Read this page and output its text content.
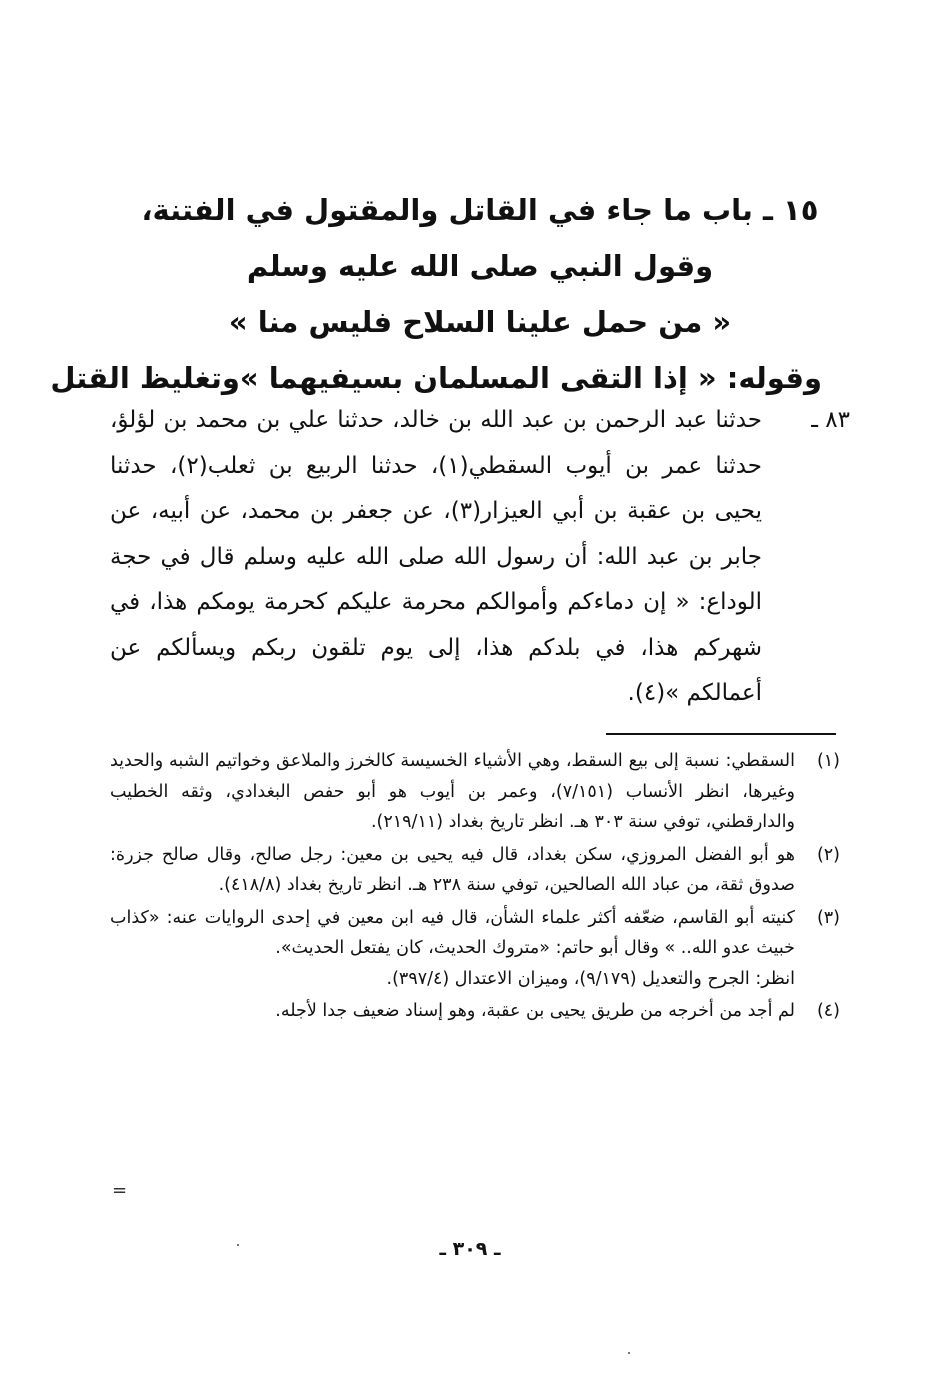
١٥ ـ باب ما جاء في القاتل والمقتول في الفتنة،
وقول النبي صلى الله عليه وسلم
« من حمل علينا السلاح فليس منا »
وقوله: « إذا التقى المسلمان بسيفيهما »وتغليظ القتل
٨٣ ـ
حدثنا عبد الرحمن بن عبد الله بن خالد، حدثنا علي بن محمد بن لؤلؤ، حدثنا عمر بن أيوب السقطي(١)، حدثنا الربيع بن ثعلب(٢)، حدثنا يحيى بن عقبة بن أبي العيزار(٣)، عن جعفر بن محمد، عن أبيه، عن جابر بن عبد الله: أن رسول الله صلى الله عليه وسلم قال في حجة الوداع: « إن دماءكم وأموالكم محرمة عليكم كحرمة يومكم هذا، في شهركم هذا، في بلدكم هذا، إلى يوم تلقون ربكم ويسألكم عن أعمالكم »(٤).
(١)
السقطي: نسبة إلى بيع السقط، وهي الأشياء الخسيسة كالخرز والملاعق وخواتيم الشبه والحديد وغيرها، انظر الأنساب (٧/١٥١)، وعمر بن أيوب هو أبو حفص البغدادي، وثقه الخطيب والدارقطني، توفي سنة ٣٠٣ هـ. انظر تاريخ بغداد (٢١٩/١١).
(٢)
هو أبو الفضل المروزي، سكن بغداد، قال فيه يحيى بن معين: رجل صالح، وقال صالح جزرة: صدوق ثقة، من عباد الله الصالحين، توفي سنة ٢٣٨ هـ. انظر تاريخ بغداد (٤١٨/٨).
(٣)
كنيته أبو القاسم، ضعّفه أكثر علماء الشأن، قال فيه ابن معين في إحدى الروايات عنه: «كذاب خبيث عدو الله.. » وقال أبو حاتم: «متروك الحديث، كان يفتعل الحديث».
انظر: الجرح والتعديل (٩/١٧٩)، وميزان الاعتدال (٣٩٧/٤).
(٤)
لم أجد من أخرجه من طريق يحيى بن عقبة، وهو إسناد ضعيف جدا لأجله.
=
ـ ٣٠٩ ـ
